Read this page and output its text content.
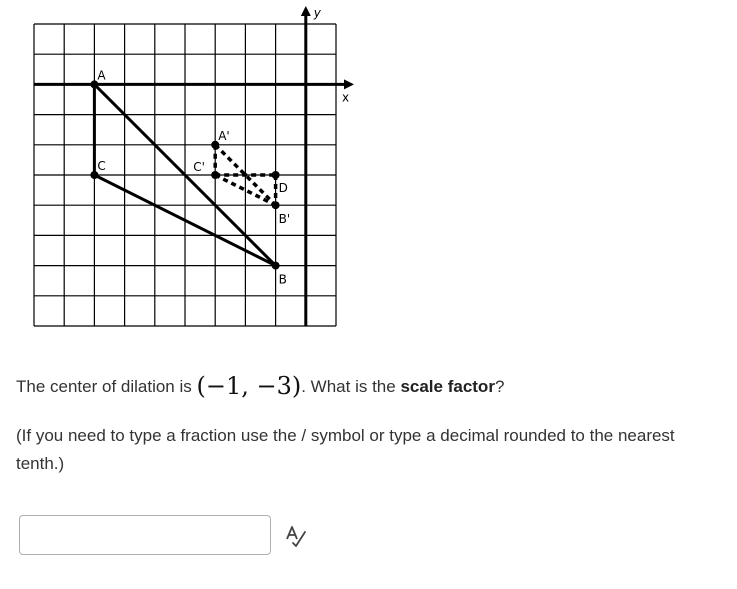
x
y
A
B
C
A'
C'
D
B'
The center of dilation is (−1, −3). What is the scale factor?
(If you need to type a fraction use the / symbol or type a decimal rounded to the nearest tenth.)
